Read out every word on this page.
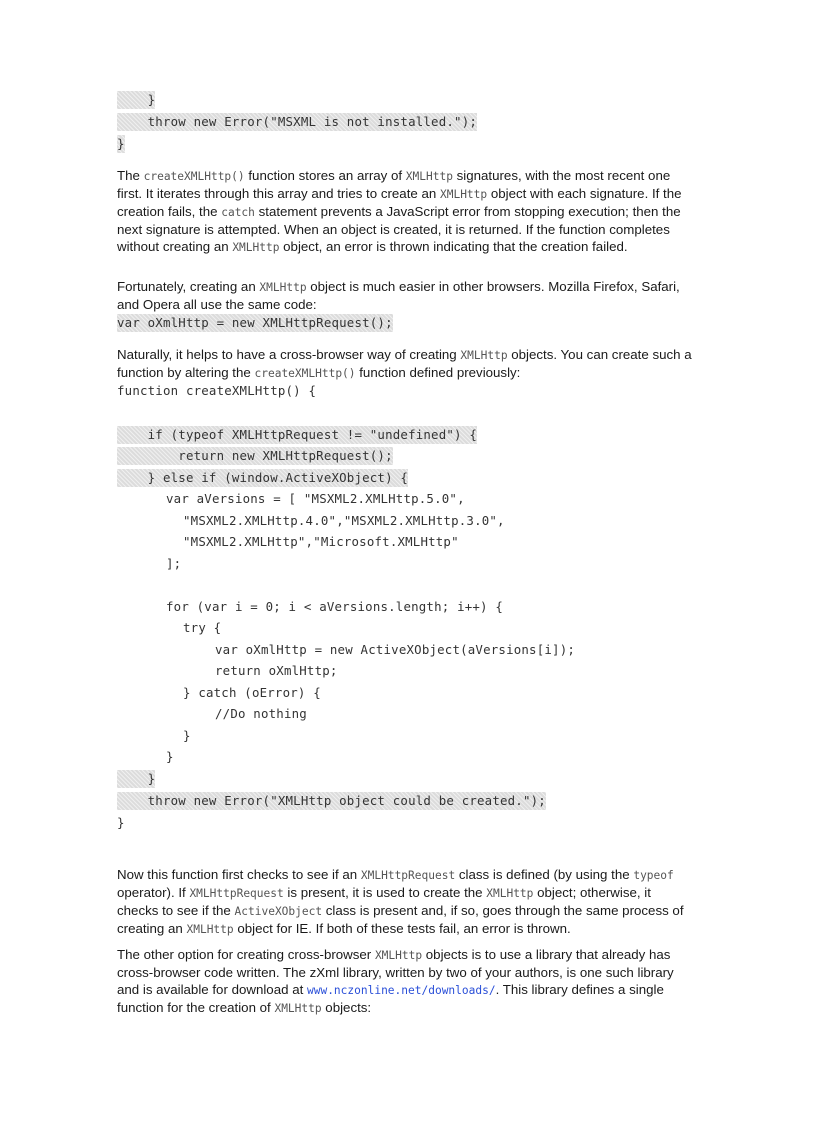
}
throw new Error("MSXML is not installed.");
}

The createXMLHttp() function stores an array of XMLHttp signatures, with the most recent one first. It iterates through this array and tries to create an XMLHttp object with each signature. If the creation fails, the catch statement prevents a JavaScript error from stopping execution; then the next signature is attempted. When an object is created, it is returned. If the function completes without creating an XMLHttp object, an error is thrown indicating that the creation failed.

Fortunately, creating an XMLHttp object is much easier in other browsers. Mozilla Firefox, Safari, and Opera all use the same code:

var oXmlHttp = new XMLHttpRequest();

Naturally, it helps to have a cross-browser way of creating XMLHttp objects. You can create such a function by altering the createXMLHttp() function defined previously:

function createXMLHttp() {
if (typeof XMLHttpRequest != "undefined") {
return new XMLHttpRequest();
} else if (window.ActiveXObject) {
var aVersions = [ "MSXML2.XMLHttp.5.0",
"MSXML2.XMLHttp.4.0","MSXML2.XMLHttp.3.0",
"MSXML2.XMLHttp","Microsoft.XMLHttp"
];
for (var i = 0; i < aVersions.length; i++) {
try {
var oXmlHttp = new ActiveXObject(aVersions[i]);
return oXmlHttp;
} catch (oError) {
//Do nothing
}
}
}
throw new Error("XMLHttp object could be created.");
}

Now this function first checks to see if an XMLHttpRequest class is defined (by using the typeof operator). If XMLHttpRequest is present, it is used to create the XMLHttp object; otherwise, it checks to see if the ActiveXObject class is present and, if so, goes through the same process of creating an XMLHttp object for IE. If both of these tests fail, an error is thrown.

The other option for creating cross-browser XMLHttp objects is to use a library that already has cross-browser code written. The zXml library, written by two of your authors, is one such library and is available for download at www.nczonline.net/downloads/. This library defines a single function for the creation of XMLHttp objects:
